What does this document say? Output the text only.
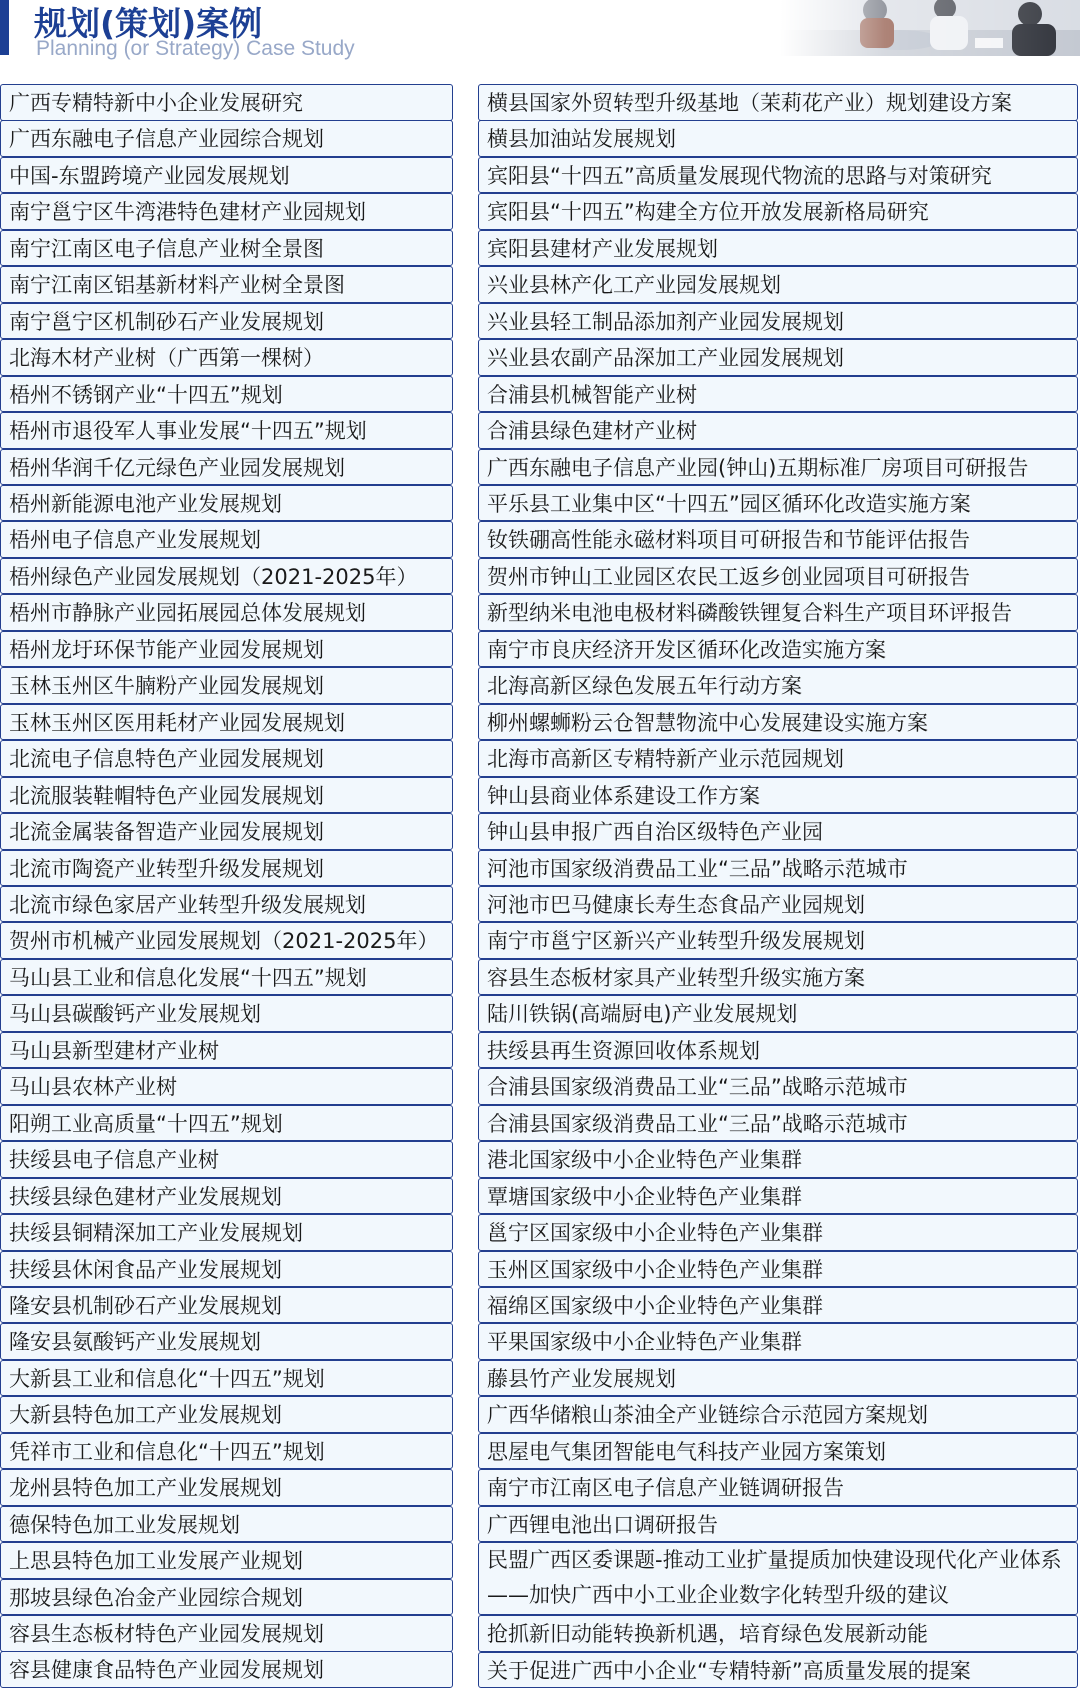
规划(策划)案例
Planning (or Strategy) Case Study
广西专精特新中小企业发展研究
广西东融电子信息产业园综合规划
中国-东盟跨境产业园发展规划
南宁邕宁区牛湾港特色建材产业园规划
南宁江南区电子信息产业树全景图
南宁江南区铝基新材料产业树全景图
南宁邕宁区机制砂石产业发展规划
北海木材产业树（广西第一棵树）
梧州不锈钢产业“十四五”规划
梧州市退役军人事业发展“十四五”规划
梧州华润千亿元绿色产业园发展规划
梧州新能源电池产业发展规划
梧州电子信息产业发展规划
梧州绿色产业园发展规划（2021-2025年）
梧州市静脉产业园拓展园总体发展规划
梧州龙圩环保节能产业园发展规划
玉林玉州区牛腩粉产业园发展规划
玉林玉州区医用耗材产业园发展规划
北流电子信息特色产业园发展规划
北流服装鞋帽特色产业园发展规划
北流金属装备智造产业园发展规划
北流市陶瓷产业转型升级发展规划
北流市绿色家居产业转型升级发展规划
贺州市机械产业园发展规划（2021-2025年）
马山县工业和信息化发展“十四五”规划
马山县碳酸钙产业发展规划
马山县新型建材产业树
马山县农林产业树
阳朔工业高质量“十四五”规划
扶绥县电子信息产业树
扶绥县绿色建材产业发展规划
扶绥县铜精深加工产业发展规划
扶绥县休闲食品产业发展规划
隆安县机制砂石产业发展规划
隆安县氨酸钙产业发展规划
大新县工业和信息化“十四五”规划
大新县特色加工产业发展规划
凭祥市工业和信息化“十四五”规划
龙州县特色加工产业发展规划
德保特色加工业发展规划
上思县特色加工业发展产业规划
那坡县绿色冶金产业园综合规划
容县生态板材特色产业园发展规划
容县健康食品特色产业园发展规划
横县国家外贸转型升级基地（茉莉花产业）规划建设方案
横县加油站发展规划
宾阳县“十四五”高质量发展现代物流的思路与对策研究
宾阳县“十四五”构建全方位开放发展新格局研究
宾阳县建材产业发展规划
兴业县林产化工产业园发展规划
兴业县轻工制品添加剂产业园发展规划
兴业县农副产品深加工产业园发展规划
合浦县机械智能产业树
合浦县绿色建材产业树
广西东融电子信息产业园(钟山)五期标准厂房项目可研报告
平乐县工业集中区“十四五”园区循环化改造实施方案
钕铁硼高性能永磁材料项目可研报告和节能评估报告
贺州市钟山工业园区农民工返乡创业园项目可研报告
新型纳米电池电极材料磷酸铁锂复合料生产项目环评报告
南宁市良庆经济开发区循环化改造实施方案
北海高新区绿色发展五年行动方案
柳州螺蛳粉云仓智慧物流中心发展建设实施方案
北海市高新区专精特新产业示范园规划
钟山县商业体系建设工作方案
钟山县申报广西自治区级特色产业园
河池市国家级消费品工业“三品”战略示范城市
河池市巴马健康长寿生态食品产业园规划
南宁市邕宁区新兴产业转型升级发展规划
容县生态板材家具产业转型升级实施方案
陆川铁锅(高端厨电)产业发展规划
扶绥县再生资源回收体系规划
合浦县国家级消费品工业“三品”战略示范城市
合浦县国家级消费品工业“三品”战略示范城市
港北国家级中小企业特色产业集群
覃塘国家级中小企业特色产业集群
邕宁区国家级中小企业特色产业集群
玉州区国家级中小企业特色产业集群
福绵区国家级中小企业特色产业集群
平果国家级中小企业特色产业集群
藤县竹产业发展规划
广西华储粮山茶油全产业链综合示范园方案规划
思屋电气集团智能电气科技产业园方案策划
南宁市江南区电子信息产业链调研报告
广西锂电池出口调研报告
民盟广西区委课题-推动工业扩量提质加快建设现代化产业体系——加快广西中小工业企业数字化转型升级的建议
抢抓新旧动能转换新机遇，培育绿色发展新动能
关于促进广西中小企业“专精特新”高质量发展的提案
